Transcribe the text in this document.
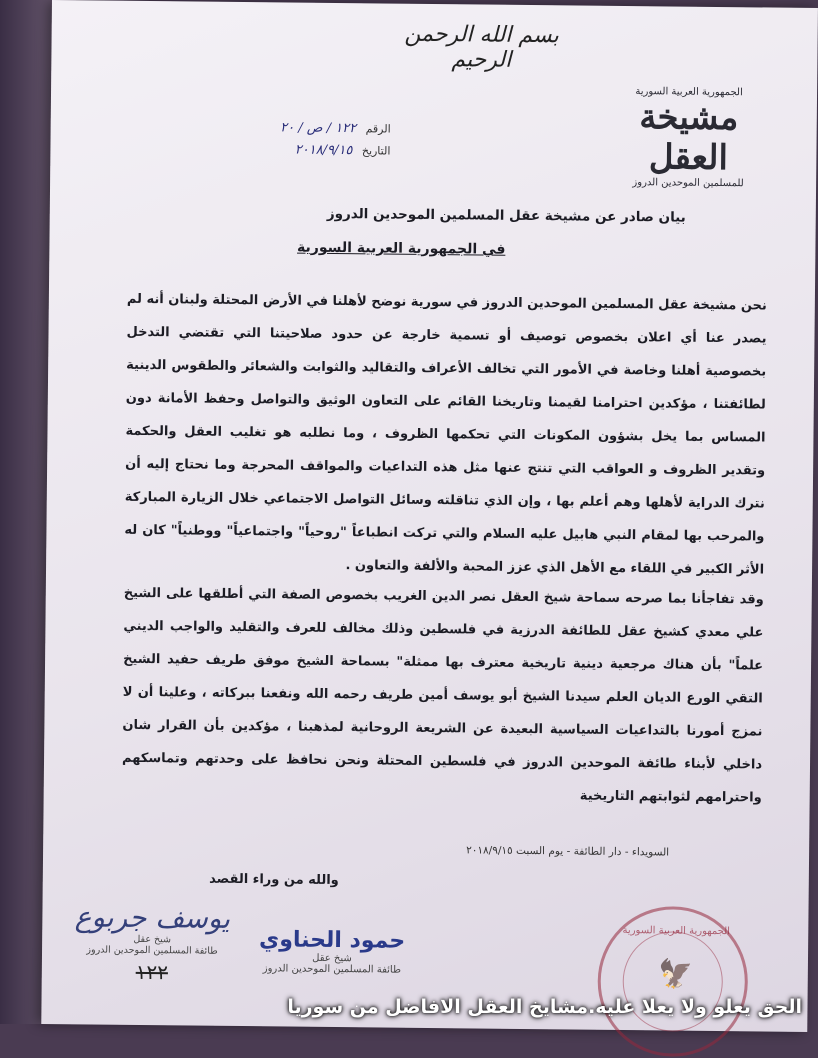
بسم الله الرحمن الرحيم
الجمهورية العربية السورية
مشيخة العقل
للمسلمين الموحدين الدروز
الرقم ١٢٢ / ص / ٢٠
التاريخ ٢٠١٨/٩/١٥
بيان صادر عن مشيخة عقل المسلمين الموحدين الدروز
في الجمهورية العربية السورية
نحن مشيخة عقل المسلمين الموحدين الدروز في سورية نوضح لأهلنا في الأرض المحتلة ولبنان أنه لم يصدر عنا أي اعلان بخصوص توصيف أو تسمية خارجة عن حدود صلاحيتنا التي تقتضي التدخل بخصوصية أهلنا وخاصة في الأمور التي تخالف الأعراف والتقاليد والثوابت والشعائر والطقوس الدينية لطائفتنا ، مؤكدين احترامنا لقيمنا وتاريخنا القائم على التعاون الوثيق والتواصل وحفظ الأمانة دون المساس بما يخل بشؤون المكونات التي تحكمها الظروف ، وما نطلبه هو تغليب العقل والحكمة وتقدير الظروف و العواقب التي تنتج عنها مثل هذه التداعيات والمواقف المحرجة وما نحتاج إليه أن نترك الدراية لأهلها وهم أعلم بها ، وإن الذي تناقلته وسائل التواصل الاجتماعي خلال الزيارة المباركة والمرحب بها لمقام النبي هابيل عليه السلام والتي تركت انطباعاً "روحياً" واجتماعياً" ووطنياً" كان له الأثر الكبير في اللقاء مع الأهل الذي عزز المحبة والألفة والتعاون .
وقد تفاجأنا بما صرحه سماحة شيخ العقل نصر الدين الغريب بخصوص الصفة التي أطلقها على الشيخ علي معدي كشيخ عقل للطائفة الدرزية في فلسطين وذلك مخالف للعرف والتقليد والواجب الديني علماً" بأن هناك مرجعية دينية تاريخية معترف بها ممثلة" بسماحة الشيخ موفق طريف حفيد الشيخ التقي الورع الديان العلم سيدنا الشيخ أبو يوسف أمين طريف رحمه الله ونفعنا ببركاته ، وعلينا أن لا نمزج أمورنا بالتداعيات السياسية البعيدة عن الشريعة الروحانية لمذهبنا ، مؤكدين بأن القرار شان داخلي لأبناء طائفة الموحدين الدروز في فلسطين المحتلة ونحن نحافظ على وحدتهم وتماسكهم واحترامهم لثوابتهم التاريخية
السويداء - دار الطائفة - يوم السبت ٢٠١٨/٩/١٥
والله من وراء القصد
يوسف جربوع
شيخ عقل
طائفة المسلمين الموحدين الدروز
١٢٢
حمود الحناوي
شيخ عقل
طائفة المسلمين الموحدين الدروز
الجمهورية العربية السورية
🦅
الحق يعلو ولا يعلا عليه.مشايخ العقل الافاضل من سوريا
